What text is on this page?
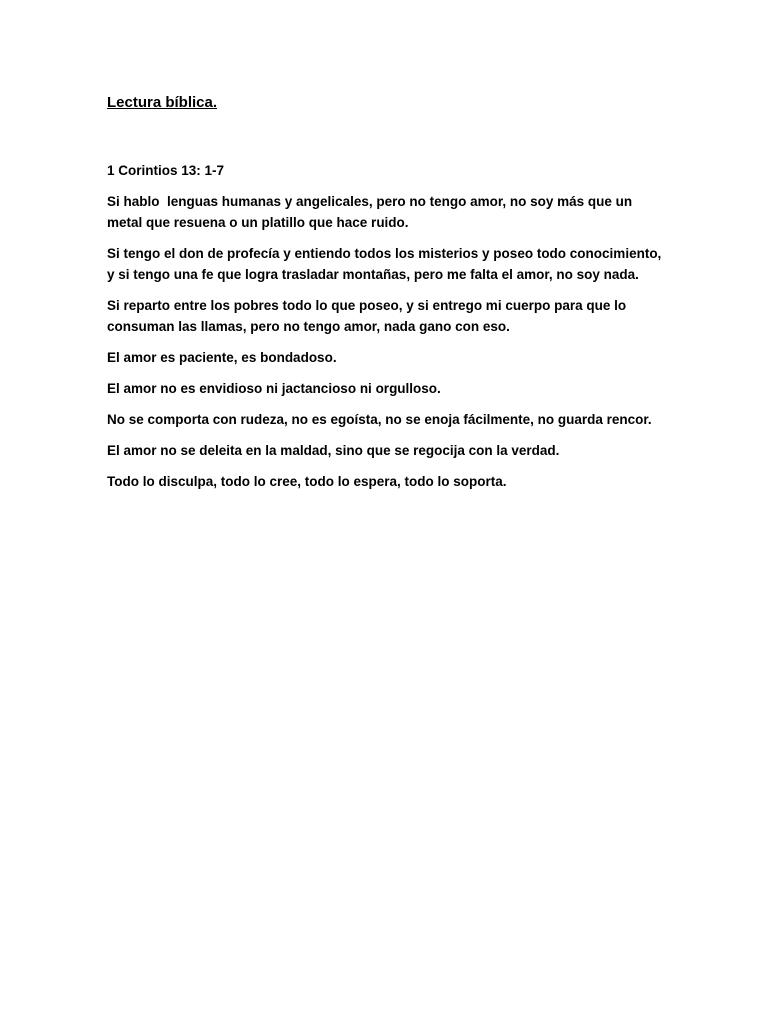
Lectura bíblica.

1 Corintios 13: 1-7

Si hablo  lenguas humanas y angelicales, pero no tengo amor, no soy más que un metal que resuena o un platillo que hace ruido.

Si tengo el don de profecía y entiendo todos los misterios y poseo todo conocimiento, y si tengo una fe que logra trasladar montañas, pero me falta el amor, no soy nada.

Si reparto entre los pobres todo lo que poseo, y si entrego mi cuerpo para que lo consuman las llamas, pero no tengo amor, nada gano con eso.

El amor es paciente, es bondadoso.

El amor no es envidioso ni jactancioso ni orgulloso.

No se comporta con rudeza, no es egoísta, no se enoja fácilmente, no guarda rencor.

El amor no se deleita en la maldad, sino que se regocija con la verdad.

Todo lo disculpa, todo lo cree, todo lo espera, todo lo soporta.
